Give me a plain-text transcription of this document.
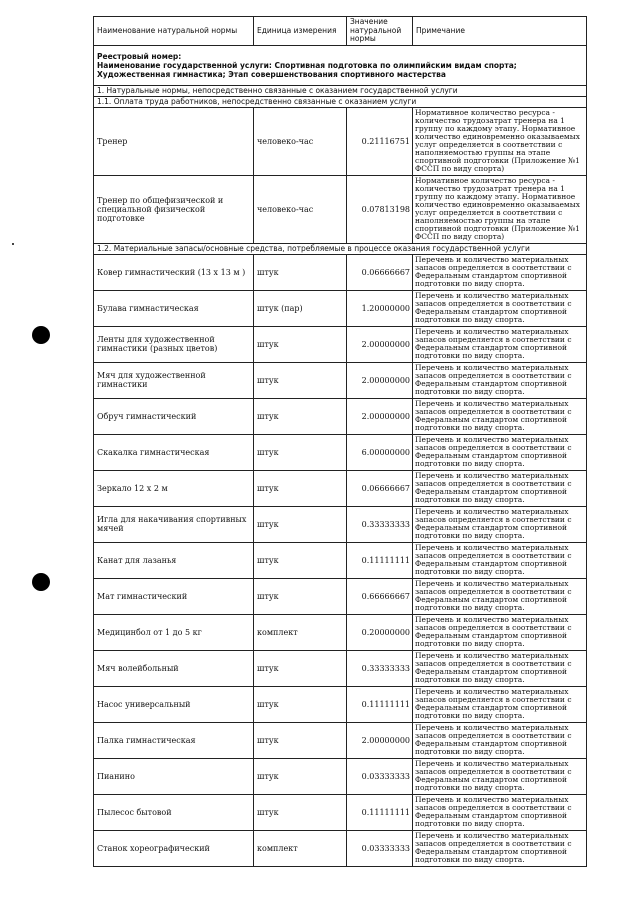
Наименование натуральной нормы	Единица измерения	Значение натуральной нормы	Примечание

Реестровый номер:
Наименование государственной услуги: Спортивная подготовка по олимпийским видам спорта;
Художественная гимнастика; Этап совершенствования спортивного мастерства			

1. Натуральные нормы, непосредственно связанные с оказанием государственной услуги			
1.1. Оплата труда работников, непосредственно связанные с оказанием услуги			
Тренер	человеко-час	0.21116751	Нормативное количество ресурса - количество трудозатрат тренера на 1 группу по каждому этапу. Нормативное количество единовременно оказываемых услуг определяется в соответствии с наполняемостью группы на этапе спортивной подготовки (Приложение №1 ФССП по виду спорта)
Тренер по общефизической и специальной физической подготовке	человеко-час	0.07813198	Нормативное количество ресурса - количество трудозатрат тренера на 1 группу по каждому этапу. Нормативное количество единовременно оказываемых услуг определяется в соответствии с наполняемостью группы на этапе спортивной подготовки (Приложение №1 ФССП по виду спорта)
1.2. Материальные запасы/основные средства, потребляемые в процессе оказания государственной услуги			
Ковер гимнастический (13 x 13 м )	штук	0.06666667	Перечень и количество материальных запасов определяется в соответствии с Федеральным стандартом спортивной подготовки по виду спорта.
Булава гимнастическая	штук (пар)	1.20000000	Перечень и количество материальных запасов определяется в соответствии с Федеральным стандартом спортивной подготовки по виду спорта.
Ленты для художественной гимнастики (разных цветов)	штук	2.00000000	Перечень и количество материальных запасов определяется в соответствии с Федеральным стандартом спортивной подготовки по виду спорта.
Мяч для художественной гимнастики	штук	2.00000000	Перечень и количество материальных запасов определяется в соответствии с Федеральным стандартом спортивной подготовки по виду спорта.
Обруч гимнастический	штук	2.00000000	Перечень и количество материальных запасов определяется в соответствии с Федеральным стандартом спортивной подготовки по виду спорта.
Скакалка гимнастическая	штук	6.00000000	Перечень и количество материальных запасов определяется в соответствии с Федеральным стандартом спортивной подготовки по виду спорта.
Зеркало 12 x 2 м	штук	0.06666667	Перечень и количество материальных запасов определяется в соответствии с Федеральным стандартом спортивной подготовки по виду спорта.
Игла для накачивания спортивных мячей	штук	0.33333333	Перечень и количество материальных запасов определяется в соответствии с Федеральным стандартом спортивной подготовки по виду спорта.
Канат для лазанья	штук	0.11111111	Перечень и количество материальных запасов определяется в соответствии с Федеральным стандартом спортивной подготовки по виду спорта.
Мат гимнастический	штук	0.66666667	Перечень и количество материальных запасов определяется в соответствии с Федеральным стандартом спортивной подготовки по виду спорта.
Медицинбол от 1 до 5 кг	комплект	0.20000000	Перечень и количество материальных запасов определяется в соответствии с Федеральным стандартом спортивной подготовки по виду спорта.
Мяч волейбольный	штук	0.33333333	Перечень и количество материальных запасов определяется в соответствии с Федеральным стандартом спортивной подготовки по виду спорта.
Насос универсальный	штук	0.11111111	Перечень и количество материальных запасов определяется в соответствии с Федеральным стандартом спортивной подготовки по виду спорта.
Палка гимнастическая	штук	2.00000000	Перечень и количество материальных запасов определяется в соответствии с Федеральным стандартом спортивной подготовки по виду спорта.
Пианино	штук	0.03333333	Перечень и количество материальных запасов определяется в соответствии с Федеральным стандартом спортивной подготовки по виду спорта.
Пылесос бытовой	штук	0.11111111	Перечень и количество материальных запасов определяется в соответствии с Федеральным стандартом спортивной подготовки по виду спорта.
Станок хореографический	комплект	0.03333333	Перечень и количество материальных запасов определяется в соответствии с Федеральным стандартом спортивной подготовки по виду спорта.
